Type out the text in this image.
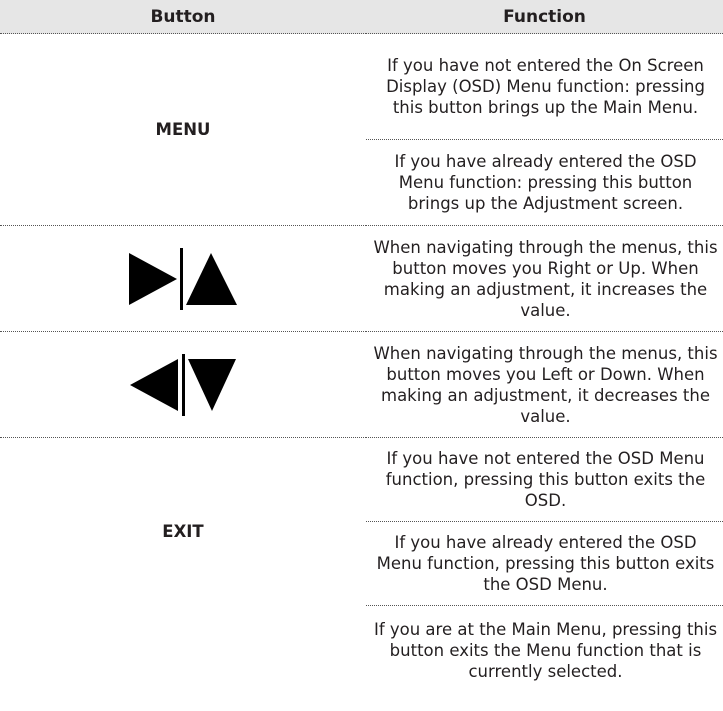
Button	Function
MENU	If you have not entered the On Screen Display (OSD) Menu function: pressing this button brings up the Main Menu.
	If you have already entered the OSD Menu function: pressing this button brings up the Adjustment screen.

	When navigating through the menus, this button moves you Right or Up. When making an adjustment, it increases the value.

	When navigating through the menus, this button moves you Left or Down. When making an adjustment, it decreases the value.
EXIT	If you have not entered the OSD Menu function, pressing this button exits the OSD.
	If you have already entered the OSD Menu function, pressing this button exits the OSD Menu.
	If you are at the Main Menu, pressing this button exits the Menu function that is currently selected.
